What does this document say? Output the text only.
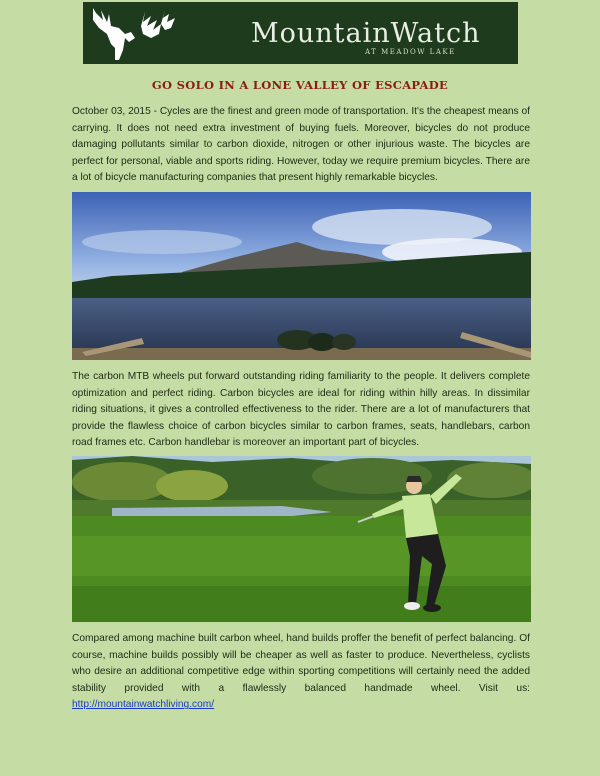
MountainWatch
AT MEADOW LAKE
GO SOLO IN A LONE VALLEY OF ESCAPADE

October 03, 2015 - Cycles are the finest and green mode of transportation. It's the cheapest means of carrying. It does not need extra investment of buying fuels. Moreover, bicycles do not produce damaging pollutants similar to carbon dioxide, nitrogen or other injurious waste. The bicycles are perfect for personal, viable and sports riding. However, today we require premium bicycles. There are a lot of bicycle manufacturing companies that present highly remarkable bicycles.

The carbon MTB wheels put forward outstanding riding familiarity to the people. It delivers complete optimization and perfect riding. Carbon bicycles are ideal for riding within hilly areas. In dissimilar riding situations, it gives a controlled effectiveness to the rider. There are a lot of manufacturers that provide the flawless choice of carbon bicycles similar to carbon frames, seats, handlebars, carbon road frames etc. Carbon handlebar is moreover an important part of bicycles.

Compared among machine built carbon wheel, hand builds proffer the benefit of perfect balancing. Of course, machine builds possibly will be cheaper as well as faster to produce. Nevertheless, cyclists who desire an additional competitive edge within sporting competitions will certainly need the added stability provided with a flawlessly balanced handmade wheel. Visit us: http://mountainwatchliving.com/
